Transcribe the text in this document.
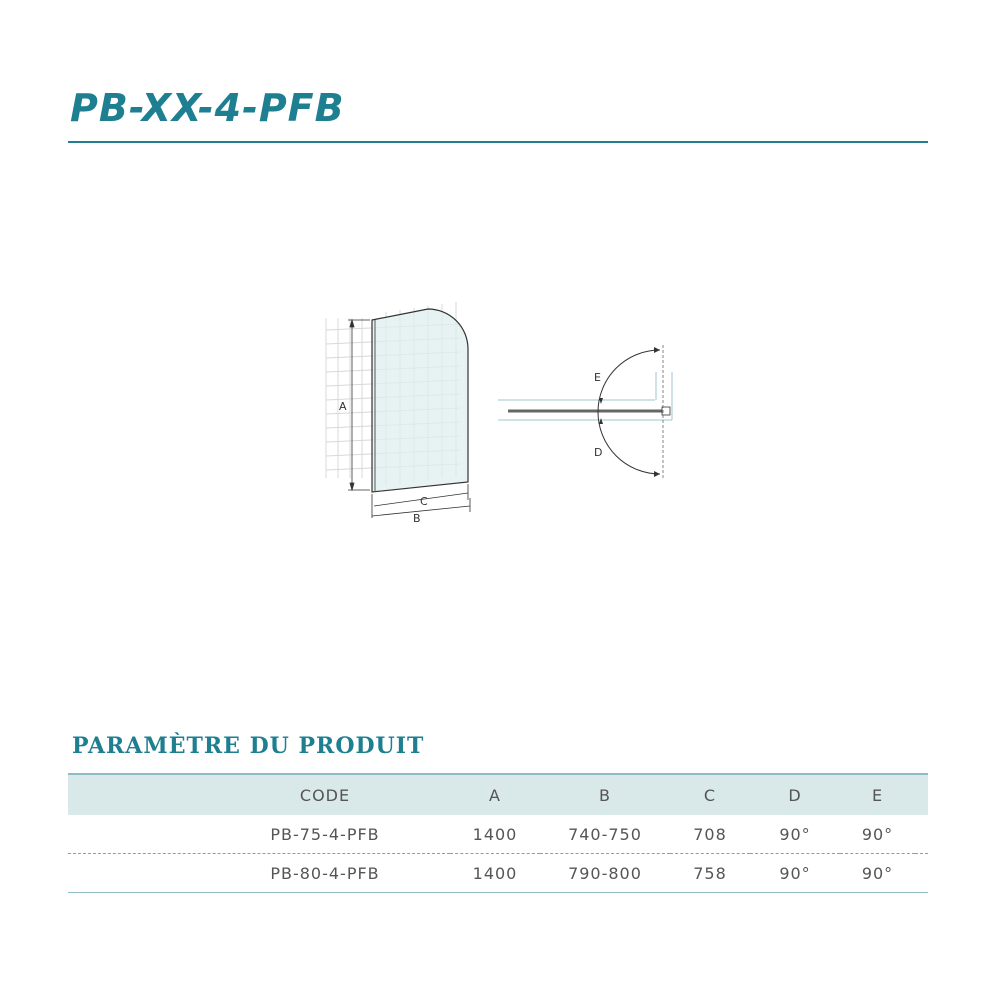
PB-XX-4-PFB
A
C
B
E
D
PARAMÈTRE DU PRODUIT
CODE	A	B	C	D	E	
PB-75-4-PFB	1400	740-750	708	90°	90°	
PB-80-4-PFB	1400	790-800	758	90°	90°	
